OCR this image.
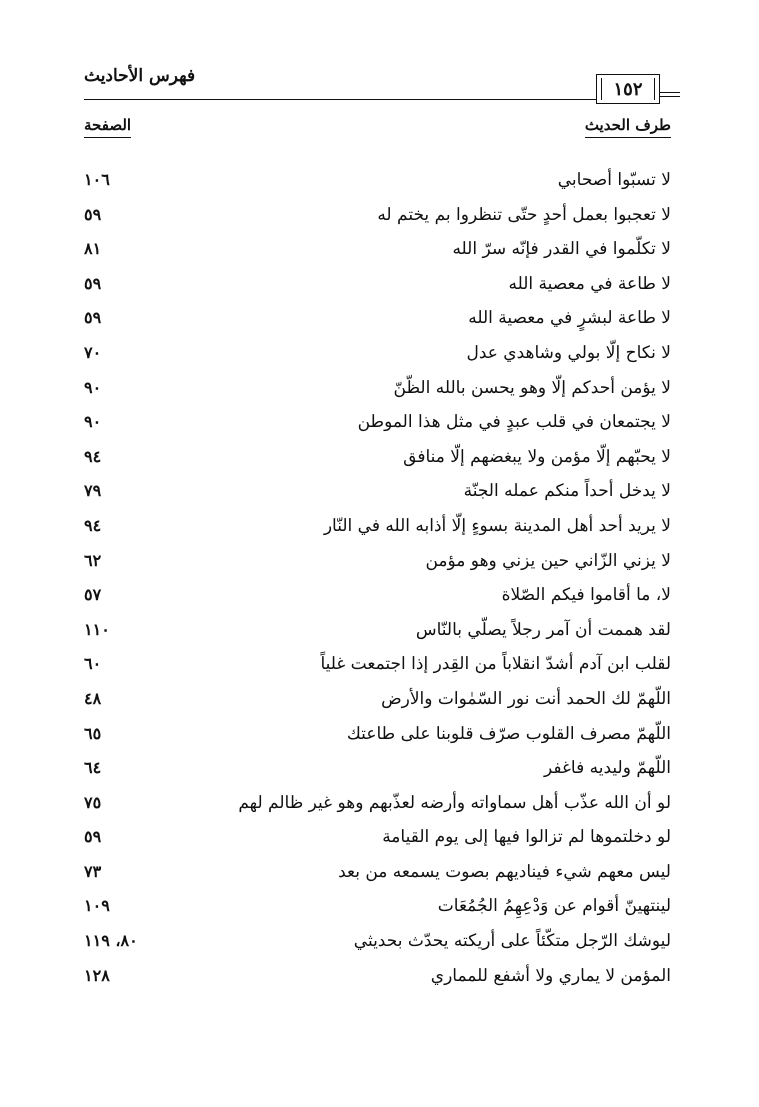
فهرس الأحاديث
١٥٢
طرف الحديث
الصفحة
لا تسبّوا أصحابي
١٠٦
لا تعجبوا بعمل أحدٍ حتّى تنظروا بم يختم له
٥٩
لا تكلّموا في القدر فإنّه سرّ الله
٨١
لا طاعة في معصية الله
٥٩
لا طاعة لبشرٍ في معصية الله
٥٩
لا نكاح إلّا بولي وشاهدي عدل
٧٠
لا يؤمن أحدكم إلّا وهو يحسن بالله الظّنّ
٩٠
لا يجتمعان في قلب عبدٍ في مثل هذا الموطن
٩٠
لا يحبّهم إلّا مؤمن ولا يبغضهم إلّا منافق
٩٤
لا يدخل أحداً منكم عمله الجنّة
٧٩
لا يريد أحد أهل المدينة بسوءٍ إلّا أذابه الله في النّار
٩٤
لا يزني الزّاني حين يزني وهو مؤمن
٦٢
لا، ما أقاموا فيكم الصّلاة
٥٧
لقد هممت أن آمر رجلاً يصلّي بالنّاس
١١٠
لقلب ابن آدم أشدّ انقلاباً من القِدر إذا اجتمعت غلياً
٦٠
اللّهمّ لك الحمد أنت نور السّمٰوات والأرض
٤٨
اللّهمّ مصرف القلوب صرّف قلوبنا على طاعتك
٦٥
اللّهمّ وليديه فاغفر
٦٤
لو أن الله عذّب أهل سماواته وأرضه لعذّبهم وهو غير ظالم لهم
٧٥
لو دخلتموها لم تزالوا فيها إلى يوم القيامة
٥٩
ليس معهم شيء فيناديهم بصوت يسمعه من بعد
٧٣
لينتهينّ أقوام عن وَدْعِهِمُ الجُمُعَات
١٠٩
ليوشك الرّجل متكّئاً على أريكته يحدّث بحديثي
٨٠، ١١٩
المؤمن لا يماري ولا أشفع للمماري
١٢٨
